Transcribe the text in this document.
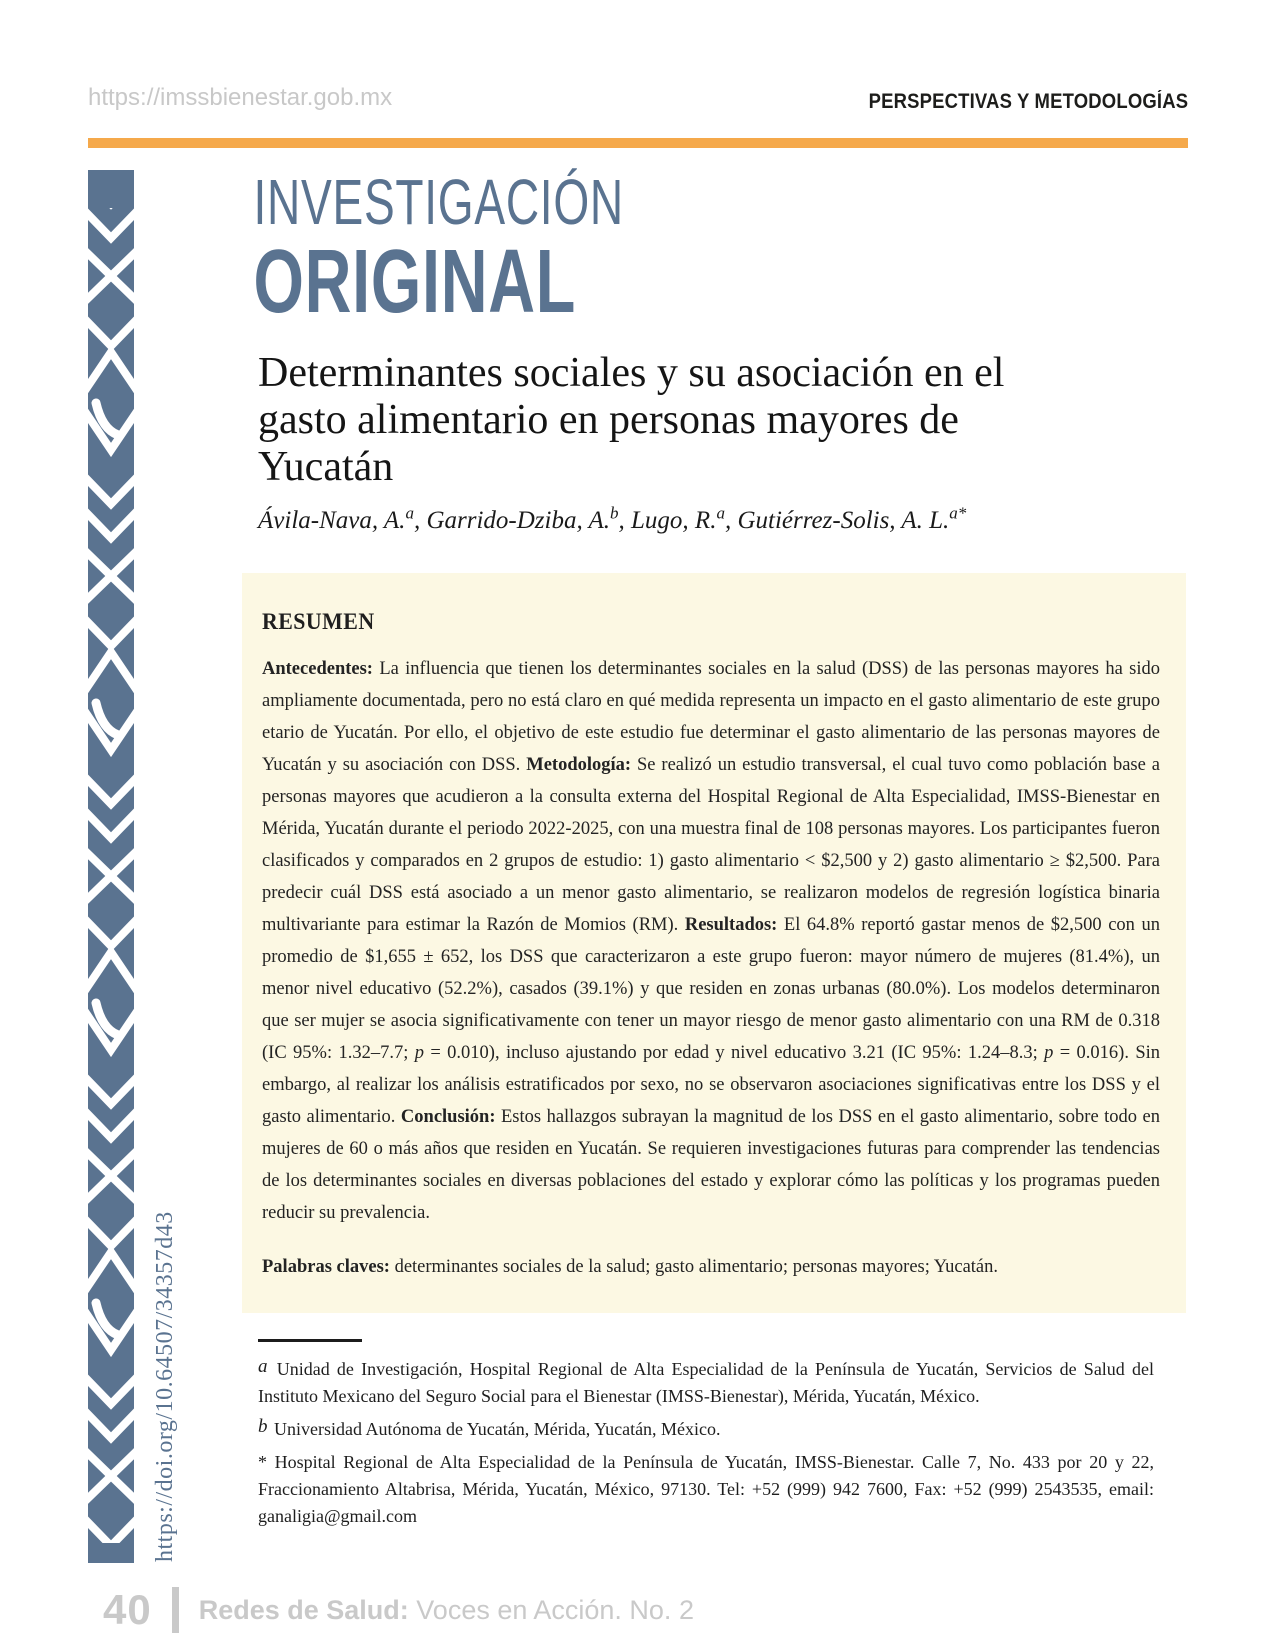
https://imssbienestar.gob.mx	PERSPECTIVAS Y METODOLOGÍAS
https://doi.org/10.64507/34357d43
INVESTIGACIÓN
ORIGINAL
Determinantes sociales y su asociación en el gasto alimentario en personas mayores de Yucatán

Ávila-Nava, A.$^a$, Garrido-Dziba, A.$^b$, Lugo, R.$^a$, Gutiérrez-Solis, A. L.$^{a*}$

RESUMEN

Antecedentes: La influencia que tienen los determinantes sociales en la salud (DSS) de las personas mayores ha sido ampliamente documentada, pero no está claro en qué medida representa un impacto en el gasto alimentario de este grupo etario de Yucatán. Por ello, el objetivo de este estudio fue determinar el gasto alimentario de las personas mayores de Yucatán y su asociación con DSS. Metodología: Se realizó un estudio transversal, el cual tuvo como población base a personas mayores que acudieron a la consulta externa del Hospital Regional de Alta Especialidad, IMSS-Bienestar en Mérida, Yucatán durante el periodo 2022-2025, con una muestra final de 108 personas mayores. Los participantes fueron clasificados y comparados en 2 grupos de estudio: 1) gasto alimentario < $2,500 y 2) gasto alimentario ≥ $2,500. Para predecir cuál DSS está asociado a un menor gasto alimentario, se realizaron modelos de regresión logística binaria multivariante para estimar la Razón de Momios (RM). Resultados: El 64.8% reportó gastar menos de $2,500 con un promedio de $1,655 ± 652, los DSS que caracterizaron a este grupo fueron: mayor número de mujeres (81.4%), un menor nivel educativo (52.2%), casados (39.1%) y que residen en zonas urbanas (80.0%). Los modelos determinaron que ser mujer se asocia significativamente con tener un mayor riesgo de menor gasto alimentario con una RM de 0.318 (IC 95%: 1.32–7.7; p = 0.010), incluso ajustando por edad y nivel educativo 3.21 (IC 95%: 1.24–8.3; p = 0.016). Sin embargo, al realizar los análisis estratificados por sexo, no se observaron asociaciones significativas entre los DSS y el gasto alimentario. Conclusión: Estos hallazgos subrayan la magnitud de los DSS en el gasto alimentario, sobre todo en mujeres de 60 o más años que residen en Yucatán. Se requieren investigaciones futuras para comprender las tendencias de los determinantes sociales en diversas poblaciones del estado y explorar cómo las políticas y los programas pueden reducir su prevalencia.

Palabras claves: determinantes sociales de la salud; gasto alimentario; personas mayores; Yucatán.

a Unidad de Investigación, Hospital Regional de Alta Especialidad de la Península de Yucatán, Servicios de Salud del Instituto Mexicano del Seguro Social para el Bienestar (IMSS-Bienestar), Mérida, Yucatán, México.

b Universidad Autónoma de Yucatán, Mérida, Yucatán, México.

* Hospital Regional de Alta Especialidad de la Península de Yucatán, IMSS-Bienestar. Calle 7, No. 433 por 20 y 22, Fraccionamiento Altabrisa, Mérida, Yucatán, México, 97130. Tel: +52 (999) 942 7600, Fax: +52 (999) 2543535, email: ganaligia@gmail.com

40 Redes de Salud: Voces en Acción. No. 2
